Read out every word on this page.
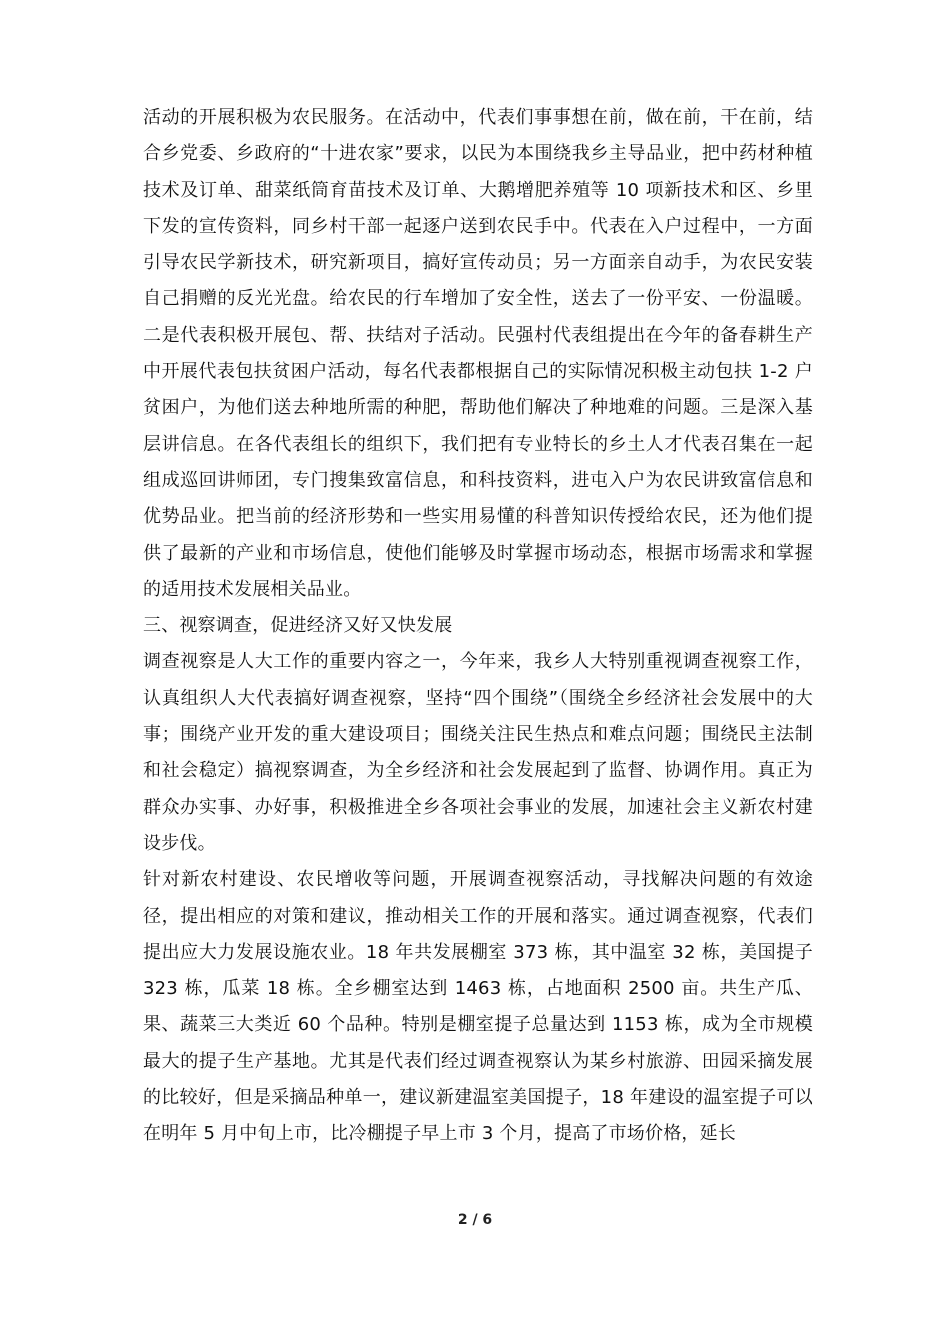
活动的开展积极为农民服务。在活动中，代表们事事想在前，做在前，干在前，结合乡党委、乡政府的“十进农家”要求，以民为本围绕我乡主导品业，把中药材种植技术及订单、甜菜纸筒育苗技术及订单、大鹅增肥养殖等 10 项新技术和区、乡里下发的宣传资料，同乡村干部一起逐户送到农民手中。代表在入户过程中，一方面引导农民学新技术，研究新项目，搞好宣传动员；另一方面亲自动手，为农民安装自己捐赠的反光光盘。给农民的行车增加了安全性，送去了一份平安、一份温暖。二是代表积极开展包、帮、扶结对子活动。民强村代表组提出在今年的备春耕生产中开展代表包扶贫困户活动，每名代表都根据自己的实际情况积极主动包扶 1-2 户贫困户，为他们送去种地所需的种肥，帮助他们解决了种地难的问题。三是深入基层讲信息。在各代表组长的组织下，我们把有专业特长的乡土人才代表召集在一起组成巡回讲师团，专门搜集致富信息，和科技资料，进屯入户为农民讲致富信息和优势品业。把当前的经济形势和一些实用易懂的科普知识传授给农民，还为他们提供了最新的产业和市场信息，使他们能够及时掌握市场动态，根据市场需求和掌握的适用技术发展相关品业。

三、视察调查，促进经济又好又快发展

调查视察是人大工作的重要内容之一，今年来，我乡人大特别重视调查视察工作，认真组织人大代表搞好调查视察，坚持“四个围绕”（围绕全乡经济社会发展中的大事；围绕产业开发的重大建设项目；围绕关注民生热点和难点问题；围绕民主法制和社会稳定）搞视察调查，为全乡经济和社会发展起到了监督、协调作用。真正为群众办实事、办好事，积极推进全乡各项社会事业的发展，加速社会主义新农村建设步伐。

针对新农村建设、农民增收等问题，开展调查视察活动，寻找解决问题的有效途径，提出相应的对策和建议，推动相关工作的开展和落实。通过调查视察，代表们提出应大力发展设施农业。18 年共发展棚室 373 栋，其中温室 32 栋，美国提子 323 栋，瓜菜 18 栋。全乡棚室达到 1463 栋，占地面积 2500 亩。共生产瓜、果、蔬菜三大类近 60 个品种。特别是棚室提子总量达到 1153 栋，成为全市规模最大的提子生产基地。尤其是代表们经过调查视察认为某乡村旅游、田园采摘发展的比较好，但是采摘品种单一，建议新建温室美国提子，18 年建设的温室提子可以在明年 5 月中旬上市，比冷棚提子早上市 3 个月，提高了市场价格，延长

2 / 6
